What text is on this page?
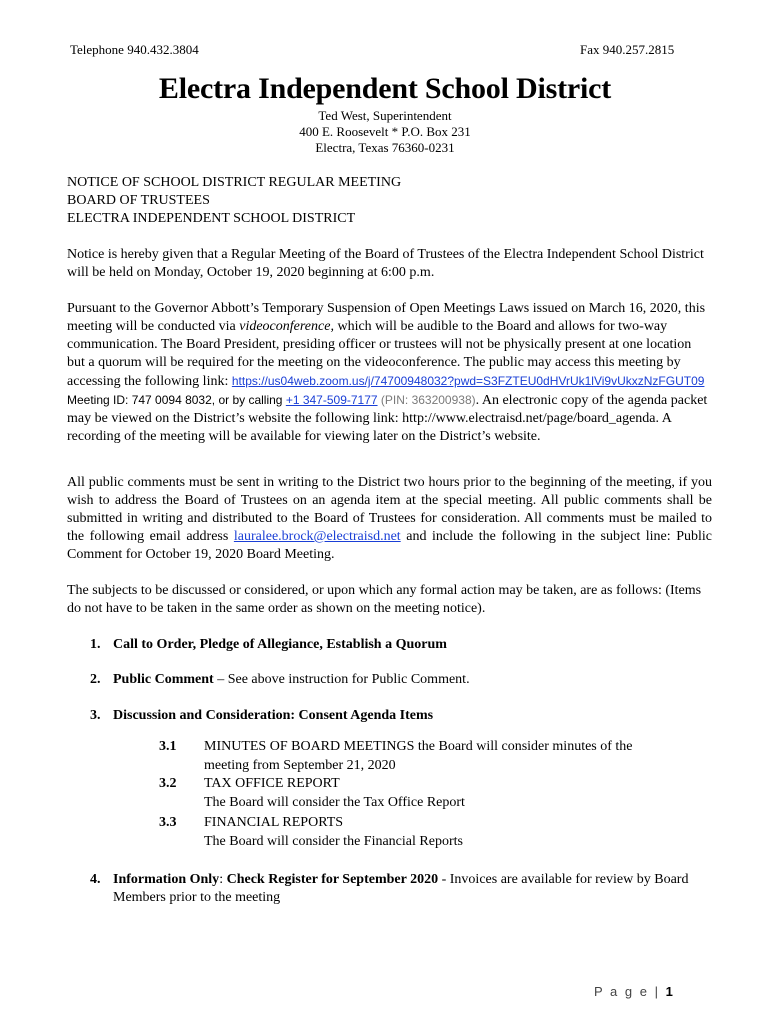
Telephone 940.432.3804	Fax 940.257.2815
Electra Independent School District
Ted West, Superintendent
400 E. Roosevelt * P.O. Box 231
Electra, Texas 76360-0231
NOTICE OF SCHOOL DISTRICT REGULAR MEETING
BOARD OF TRUSTEES
ELECTRA INDEPENDENT SCHOOL DISTRICT
Notice is hereby given that a Regular Meeting of the Board of Trustees of the Electra Independent School District will be held on Monday, October 19, 2020 beginning at 6:00 p.m.
Pursuant to the Governor Abbott’s Temporary Suspension of Open Meetings Laws issued on March 16, 2020, this meeting will be conducted via videoconference, which will be audible to the Board and allows for two-way communication. The Board President, presiding officer or trustees will not be physically present at one location but a quorum will be required for the meeting on the videoconference. The public may access this meeting by accessing the following link: https://us04web.zoom.us/j/74700948032?pwd=S3FZTEU0dHVrUk1lVi9vUkxzNzFGUT09 Meeting ID: 747 0094 8032, or by calling +1 347-509-7177 (PIN: 363200938). An electronic copy of the agenda packet may be viewed on the District’s website the following link: http://www.electraisd.net/page/board_agenda. A recording of the meeting will be available for viewing later on the District’s website.
All public comments must be sent in writing to the District two hours prior to the beginning of the meeting, if you wish to address the Board of Trustees on an agenda item at the special meeting. All public comments shall be submitted in writing and distributed to the Board of Trustees for consideration. All comments must be mailed to the following email address lauralee.brock@electraisd.net and include the following in the subject line: Public Comment for October 19, 2020 Board Meeting.
The subjects to be discussed or considered, or upon which any formal action may be taken, are as follows: (Items do not have to be taken in the same order as shown on the meeting notice).
1. Call to Order, Pledge of Allegiance, Establish a Quorum
2. Public Comment – See above instruction for Public Comment.
3. Discussion and Consideration: Consent Agenda Items
3.1 MINUTES OF BOARD MEETINGS the Board will consider minutes of the
meeting from September 21, 2020
3.2 TAX OFFICE REPORT
The Board will consider the Tax Office Report
3.3 FINANCIAL REPORTS
The Board will consider the Financial Reports
4. Information Only: Check Register for September 2020 - Invoices are available for review by Board Members prior to the meeting
P a g e | 1
